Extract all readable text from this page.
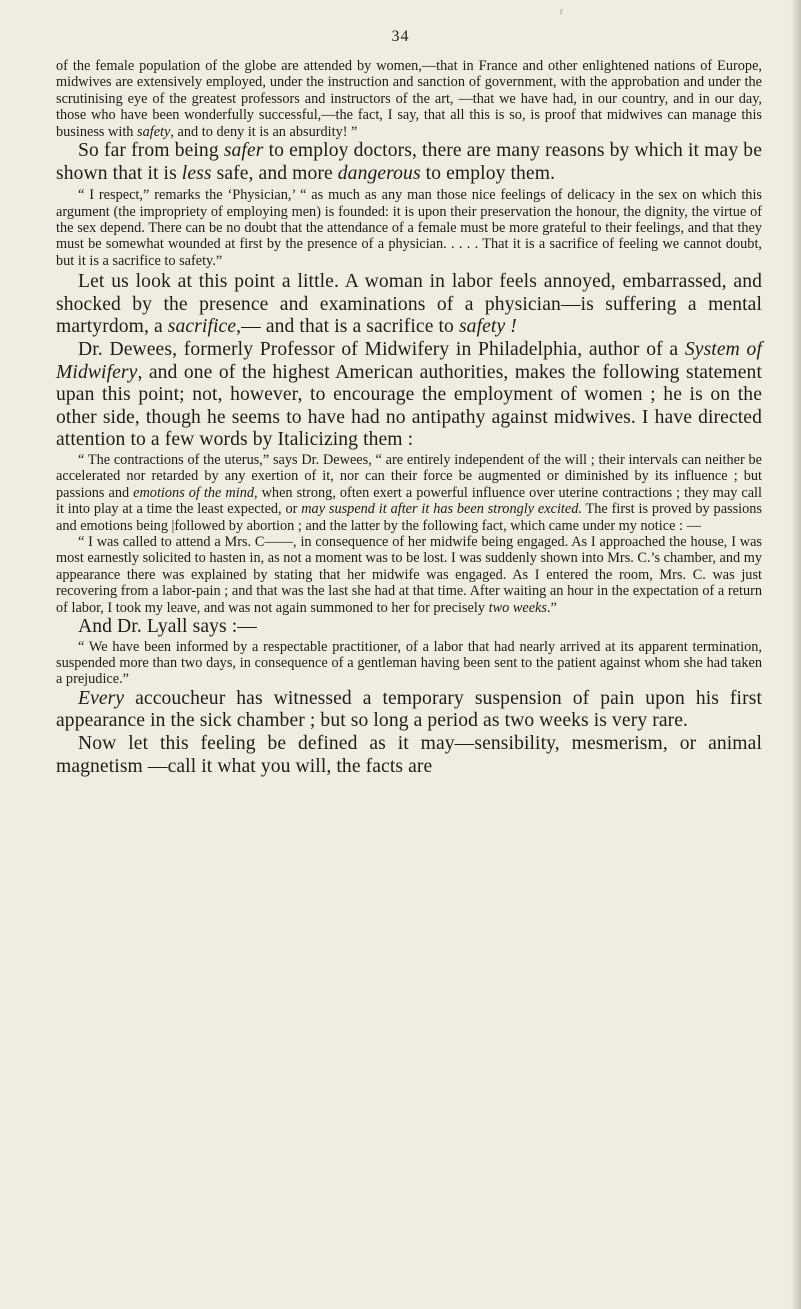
r
34

of the female population of the globe are attended by women,—that in France and other enlightened nations of Europe, midwives are extensively employed, under the instruction and sanction of government, with the approbation and under the scrutinising eye of the greatest professors and instructors of the art, —that we have had, in our country, and in our day, those who have been wonderfully successful,—the fact, I say, that all this is so, is proof that midwives can manage this business with safety, and to deny it is an absurdity! ”

So far from being safer to employ doctors, there are many reasons by which it may be shown that it is less safe, and more dangerous to employ them.

“ I respect,” remarks the ‘Physician,’ “ as much as any man those nice feelings of delicacy in the sex on which this argument (the impropriety of employing men) is founded: it is upon their preservation the honour, the dignity, the virtue of the sex depend. There can be no doubt that the attendance of a female must be more grateful to their feelings, and that they must be somewhat wounded at first by the presence of a physician. . . . . That it is a sacrifice of feeling we cannot doubt, but it is a sacrifice to safety.”

Let us look at this point a little. A woman in labor feels annoyed, embarrassed, and shocked by the presence and examinations of a physician—is suffering a mental martyrdom, a sacrifice,— and that is a sacrifice to safety !

Dr. Dewees, formerly Professor of Midwifery in Philadelphia, author of a System of Midwifery, and one of the highest American authorities, makes the following statement upan this point; not, however, to encourage the employment of women ; he is on the other side, though he seems to have had no antipathy against midwives. I have directed attention to a few words by Italicizing them :

“ The contractions of the uterus,” says Dr. Dewees, “ are entirely independent of the will ; their intervals can neither be accelerated nor retarded by any exertion of it, nor can their force be augmented or diminished by its influence ; but passions and emotions of the mind, when strong, often exert a powerful influence over uterine contractions ; they may call it into play at a time the least expected, or may suspend it after it has been strongly excited. The first is proved by passions and emotions being |followed by abortion ; and the latter by the following fact, which came under my notice : —

“ I was called to attend a Mrs. C——, in consequence of her midwife being engaged. As I approached the house, I was most earnestly solicited to hasten in, as not a moment was to be lost. I was suddenly shown into Mrs. C.’s chamber, and my appearance there was explained by stating that her midwife was engaged. As I entered the room, Mrs. C. was just recovering from a labor-pain ; and that was the last she had at that time. After waiting an hour in the expectation of a return of labor, I took my leave, and was not again summoned to her for precisely two weeks.”

And Dr. Lyall says :—

“ We have been informed by a respectable practitioner, of a labor that had nearly arrived at its apparent termination, suspended more than two days, in consequence of a gentleman having been sent to the patient against whom she had taken a prejudice.”

Every accoucheur has witnessed a temporary suspension of pain upon his first appearance in the sick chamber ; but so long a period as two weeks is very rare.

Now let this feeling be defined as it may—sensibility, mesmerism, or animal magnetism —call it what you will, the facts are
